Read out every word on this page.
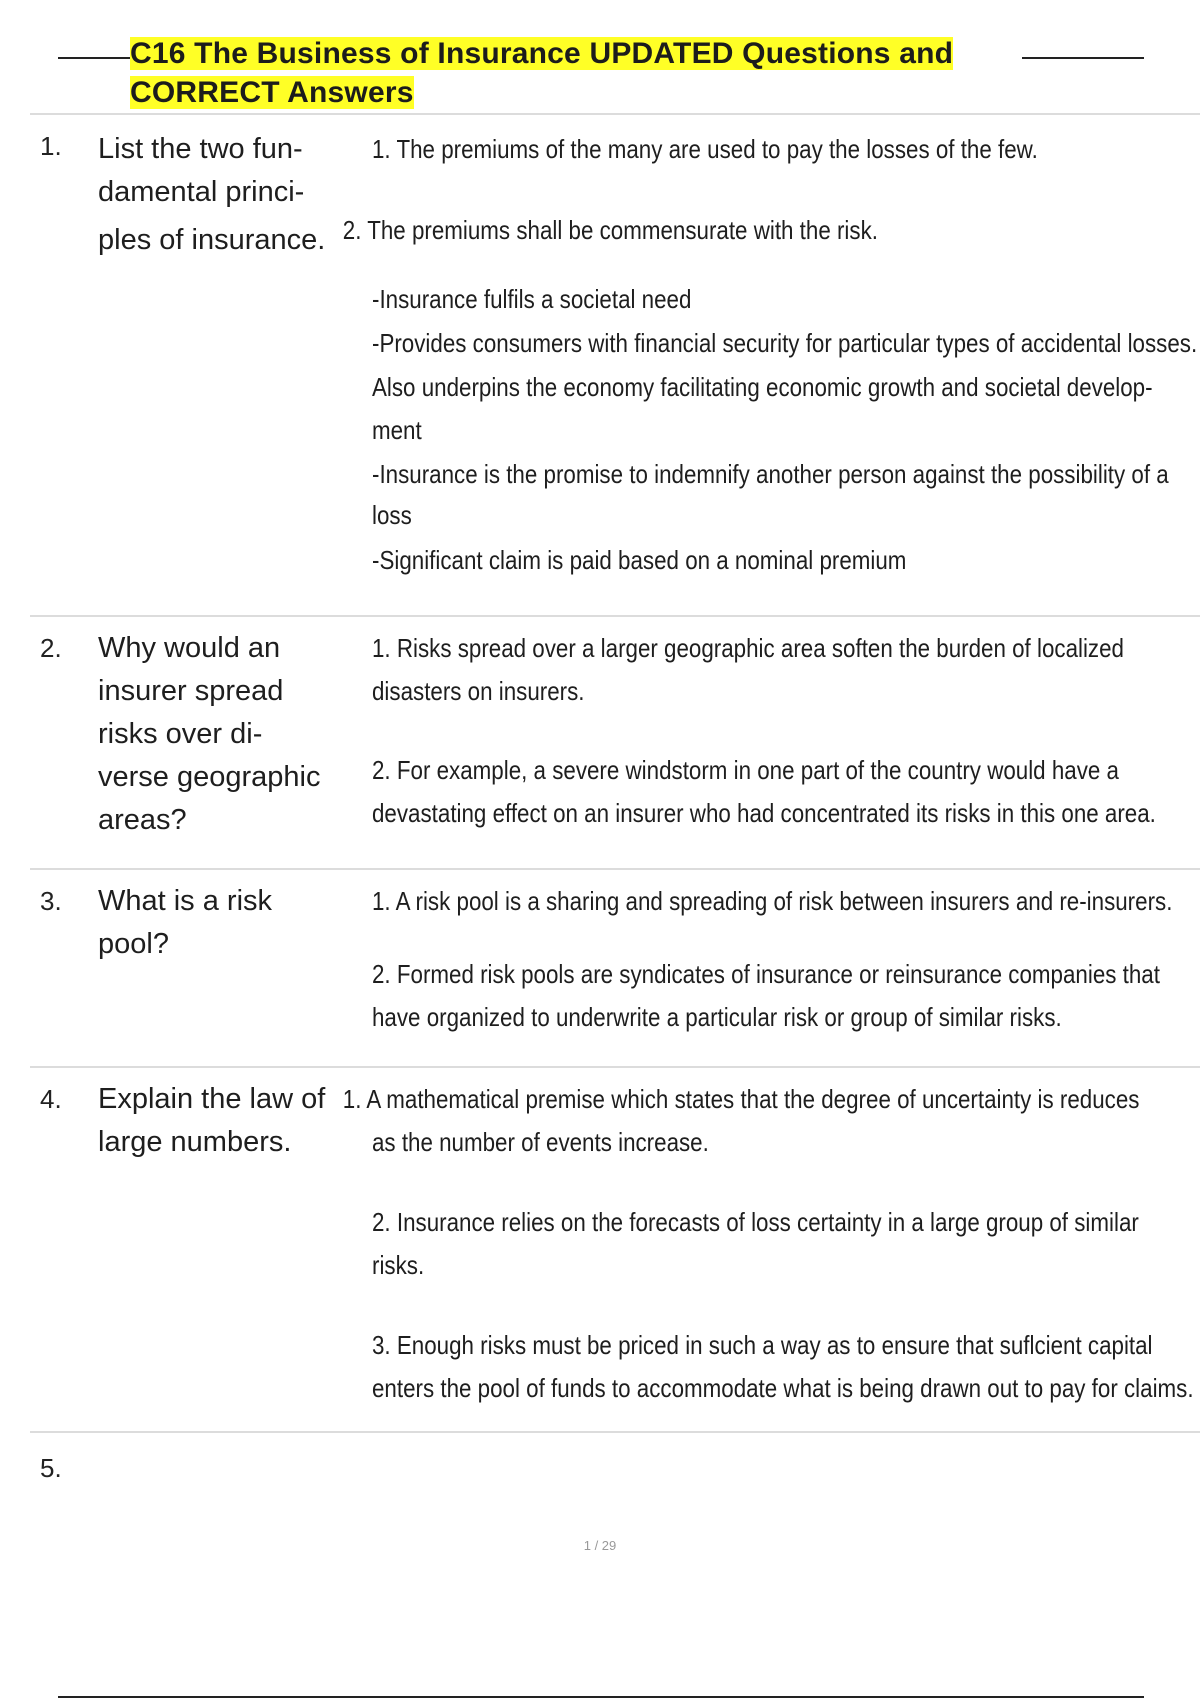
C16 The Business of Insurance UPDATED Questions and
CORRECT Answers
1. List the two fun-
damental princi-
ples of insurance.
1. The premiums of the many are used to pay the losses of the few.
2. The premiums shall be commensurate with the risk.
-Insurance fulfils a societal need
-Provides consumers with financial security for particular types of accidental losses.
Also underpins the economy facilitating economic growth and societal develop-
ment
-Insurance is the promise to indemnify another person against the possibility of a
loss
-Significant claim is paid based on a nominal premium
2. Why would an
insurer spread
risks over di-
verse geographic
areas?
1. Risks spread over a larger geographic area soften the burden of localized
disasters on insurers.
2. For example, a severe windstorm in one part of the country would have a
devastating effect on an insurer who had concentrated its risks in this one area.
3. What is a risk
pool?
1. A risk pool is a sharing and spreading of risk between insurers and re-insurers.
2. Formed risk pools are syndicates of insurance or reinsurance companies that
have organized to underwrite a particular risk or group of similar risks.
4. Explain the law of
large numbers.
1. A mathematical premise which states that the degree of uncertainty is reduces
as the number of events increase.
2. Insurance relies on the forecasts of loss certainty in a large group of similar
risks.
3. Enough risks must be priced in such a way as to ensure that suflcient capital
enters the pool of funds to accommodate what is being drawn out to pay for claims.
5.
1 / 29
